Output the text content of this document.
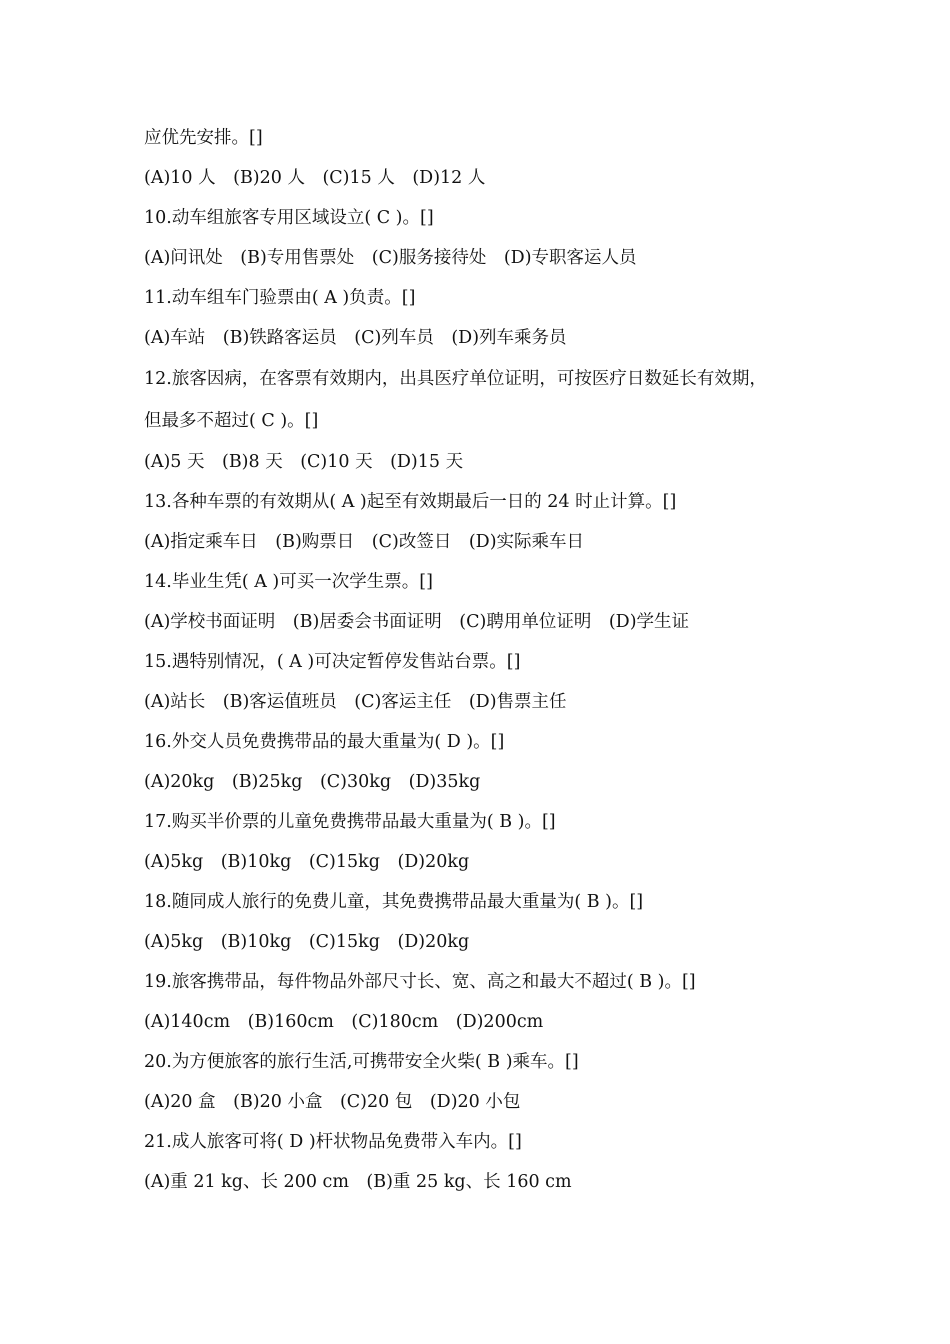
应优先安排。[]
(A)10 人　(B)20 人　(C)15 人　(D)12 人
10.动车组旅客专用区域设立( C )。[]
(A)问讯处　(B)专用售票处　(C)服务接待处　(D)专职客运人员
11.动车组车门验票由( A )负责。[]
(A)车站　(B)铁路客运员　(C)列车员　(D)列车乘务员
12.旅客因病，在客票有效期内，出具医疗单位证明，可按医疗日数延长有效期，
但最多不超过( C )。[]
(A)5 天　(B)8 天　(C)10 天　(D)15 天
13.各种车票的有效期从( A )起至有效期最后一日的 24 时止计算。[]
(A)指定乘车日　(B)购票日　(C)改签日　(D)实际乘车日
14.毕业生凭( A )可买一次学生票。[]
(A)学校书面证明　(B)居委会书面证明　(C)聘用单位证明　(D)学生证
15.遇特别情况，( A )可决定暂停发售站台票。[]
(A)站长　(B)客运值班员　(C)客运主任　(D)售票主任
16.外交人员免费携带品的最大重量为( D )。[]
(A)20kg　(B)25kg　(C)30kg　(D)35kg
17.购买半价票的儿童免费携带品最大重量为( B )。[]
(A)5kg　(B)10kg　(C)15kg　(D)20kg
18.随同成人旅行的免费儿童，其免费携带品最大重量为( B )。[]
(A)5kg　(B)10kg　(C)15kg　(D)20kg
19.旅客携带品，每件物品外部尺寸长、宽、高之和最大不超过( B )。[]
(A)140cm　(B)160cm　(C)180cm　(D)200cm
20.为方便旅客的旅行生活,可携带安全火柴( B )乘车。[]
(A)20 盒　(B)20 小盒　(C)20 包　(D)20 小包
21.成人旅客可将( D )杆状物品免费带入车内。[]
(A)重 21 kg、长 200 cm　(B)重 25 kg、长 160 cm
